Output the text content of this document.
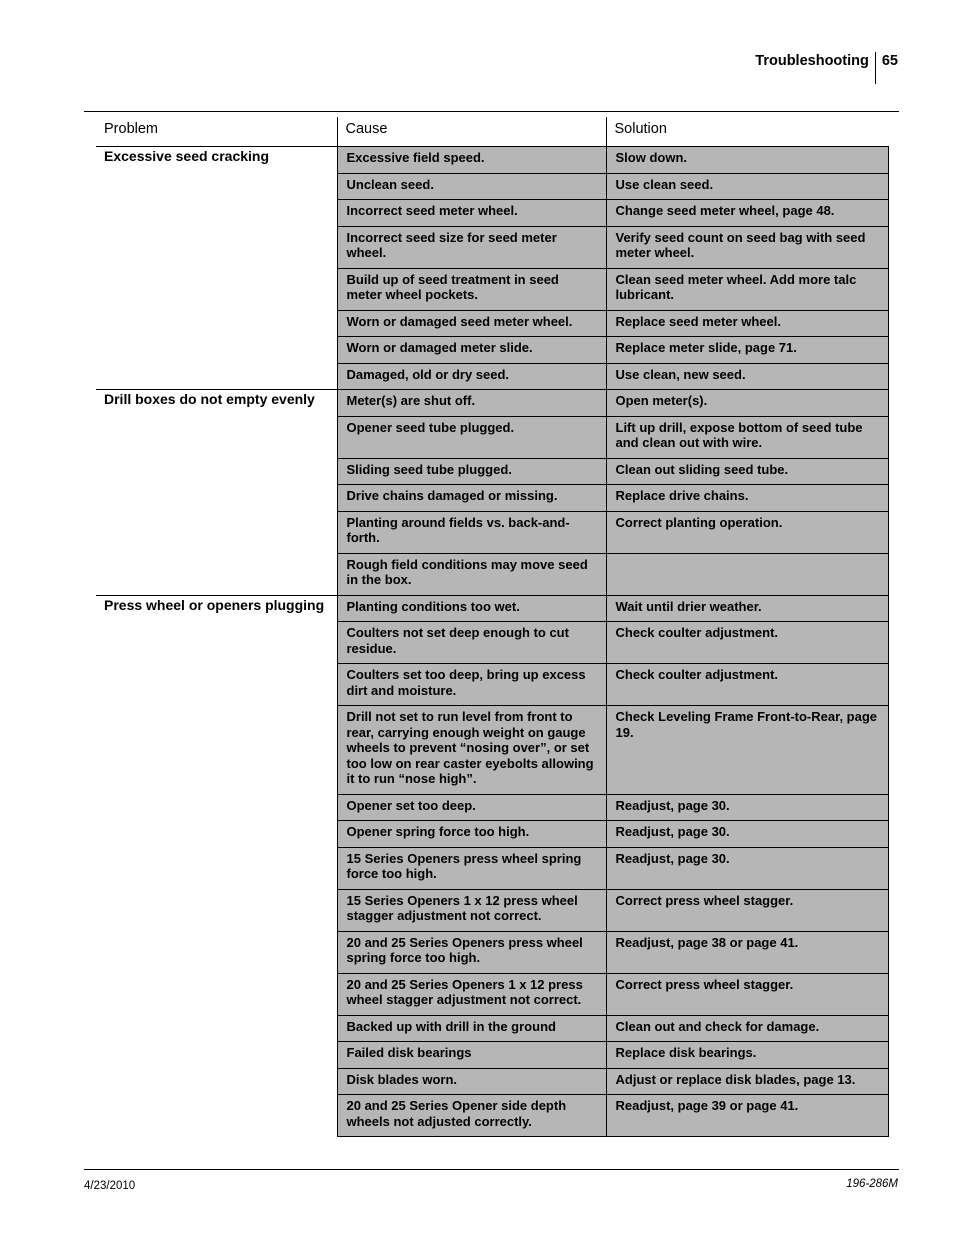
Troubleshooting 65
Problem	Cause	Solution
Excessive seed cracking	Excessive field speed.	Slow down.
	Unclean seed.	Use clean seed.
	Incorrect seed meter wheel.	Change seed meter wheel, page 48.
	Incorrect seed size for seed meter wheel.	Verify seed count on seed bag with seed meter wheel.
	Build up of seed treatment in seed meter wheel pockets.	Clean seed meter wheel. Add more talc lubricant.
	Worn or damaged seed meter wheel.	Replace seed meter wheel.
	Worn or damaged meter slide.	Replace meter slide, page 71.
	Damaged, old or dry seed.	Use clean, new seed.
Drill boxes do not empty evenly	Meter(s) are shut off.	Open meter(s).
	Opener seed tube plugged.	Lift up drill, expose bottom of seed tube and clean out with wire.
	Sliding seed tube plugged.	Clean out sliding seed tube.
	Drive chains damaged or missing.	Replace drive chains.
	Planting around fields vs. back-and-forth.	Correct planting operation.
	Rough field conditions may move seed in the box.	
Press wheel or openers plugging	Planting conditions too wet.	Wait until drier weather.
	Coulters not set deep enough to cut residue.	Check coulter adjustment.
	Coulters set too deep, bring up excess dirt and moisture.	Check coulter adjustment.
	Drill not set to run level from front to rear, carrying enough weight on gauge wheels to prevent “nosing over”, or set too low on rear caster eyebolts allowing it to run “nose high”.	Check Leveling Frame Front-to-Rear, page 19.
	Opener set too deep.	Readjust, page 30.
	Opener spring force too high.	Readjust, page 30.
	15 Series Openers press wheel spring force too high.	Readjust, page 30.
	15 Series Openers 1 x 12 press wheel stagger adjustment not correct.	Correct press wheel stagger.
	20 and 25 Series Openers press wheel spring force too high.	Readjust, page 38 or page 41.
	20 and 25 Series Openers 1 x 12 press wheel stagger adjustment not correct.	Correct press wheel stagger.
	Backed up with drill in the ground	Clean out and check for damage.
	Failed disk bearings	Replace disk bearings.
	Disk blades worn.	Adjust or replace disk blades, page 13.
	20 and 25 Series Opener side depth wheels not adjusted correctly.	Readjust, page 39 or page 41.
4/23/2010	196-286M
